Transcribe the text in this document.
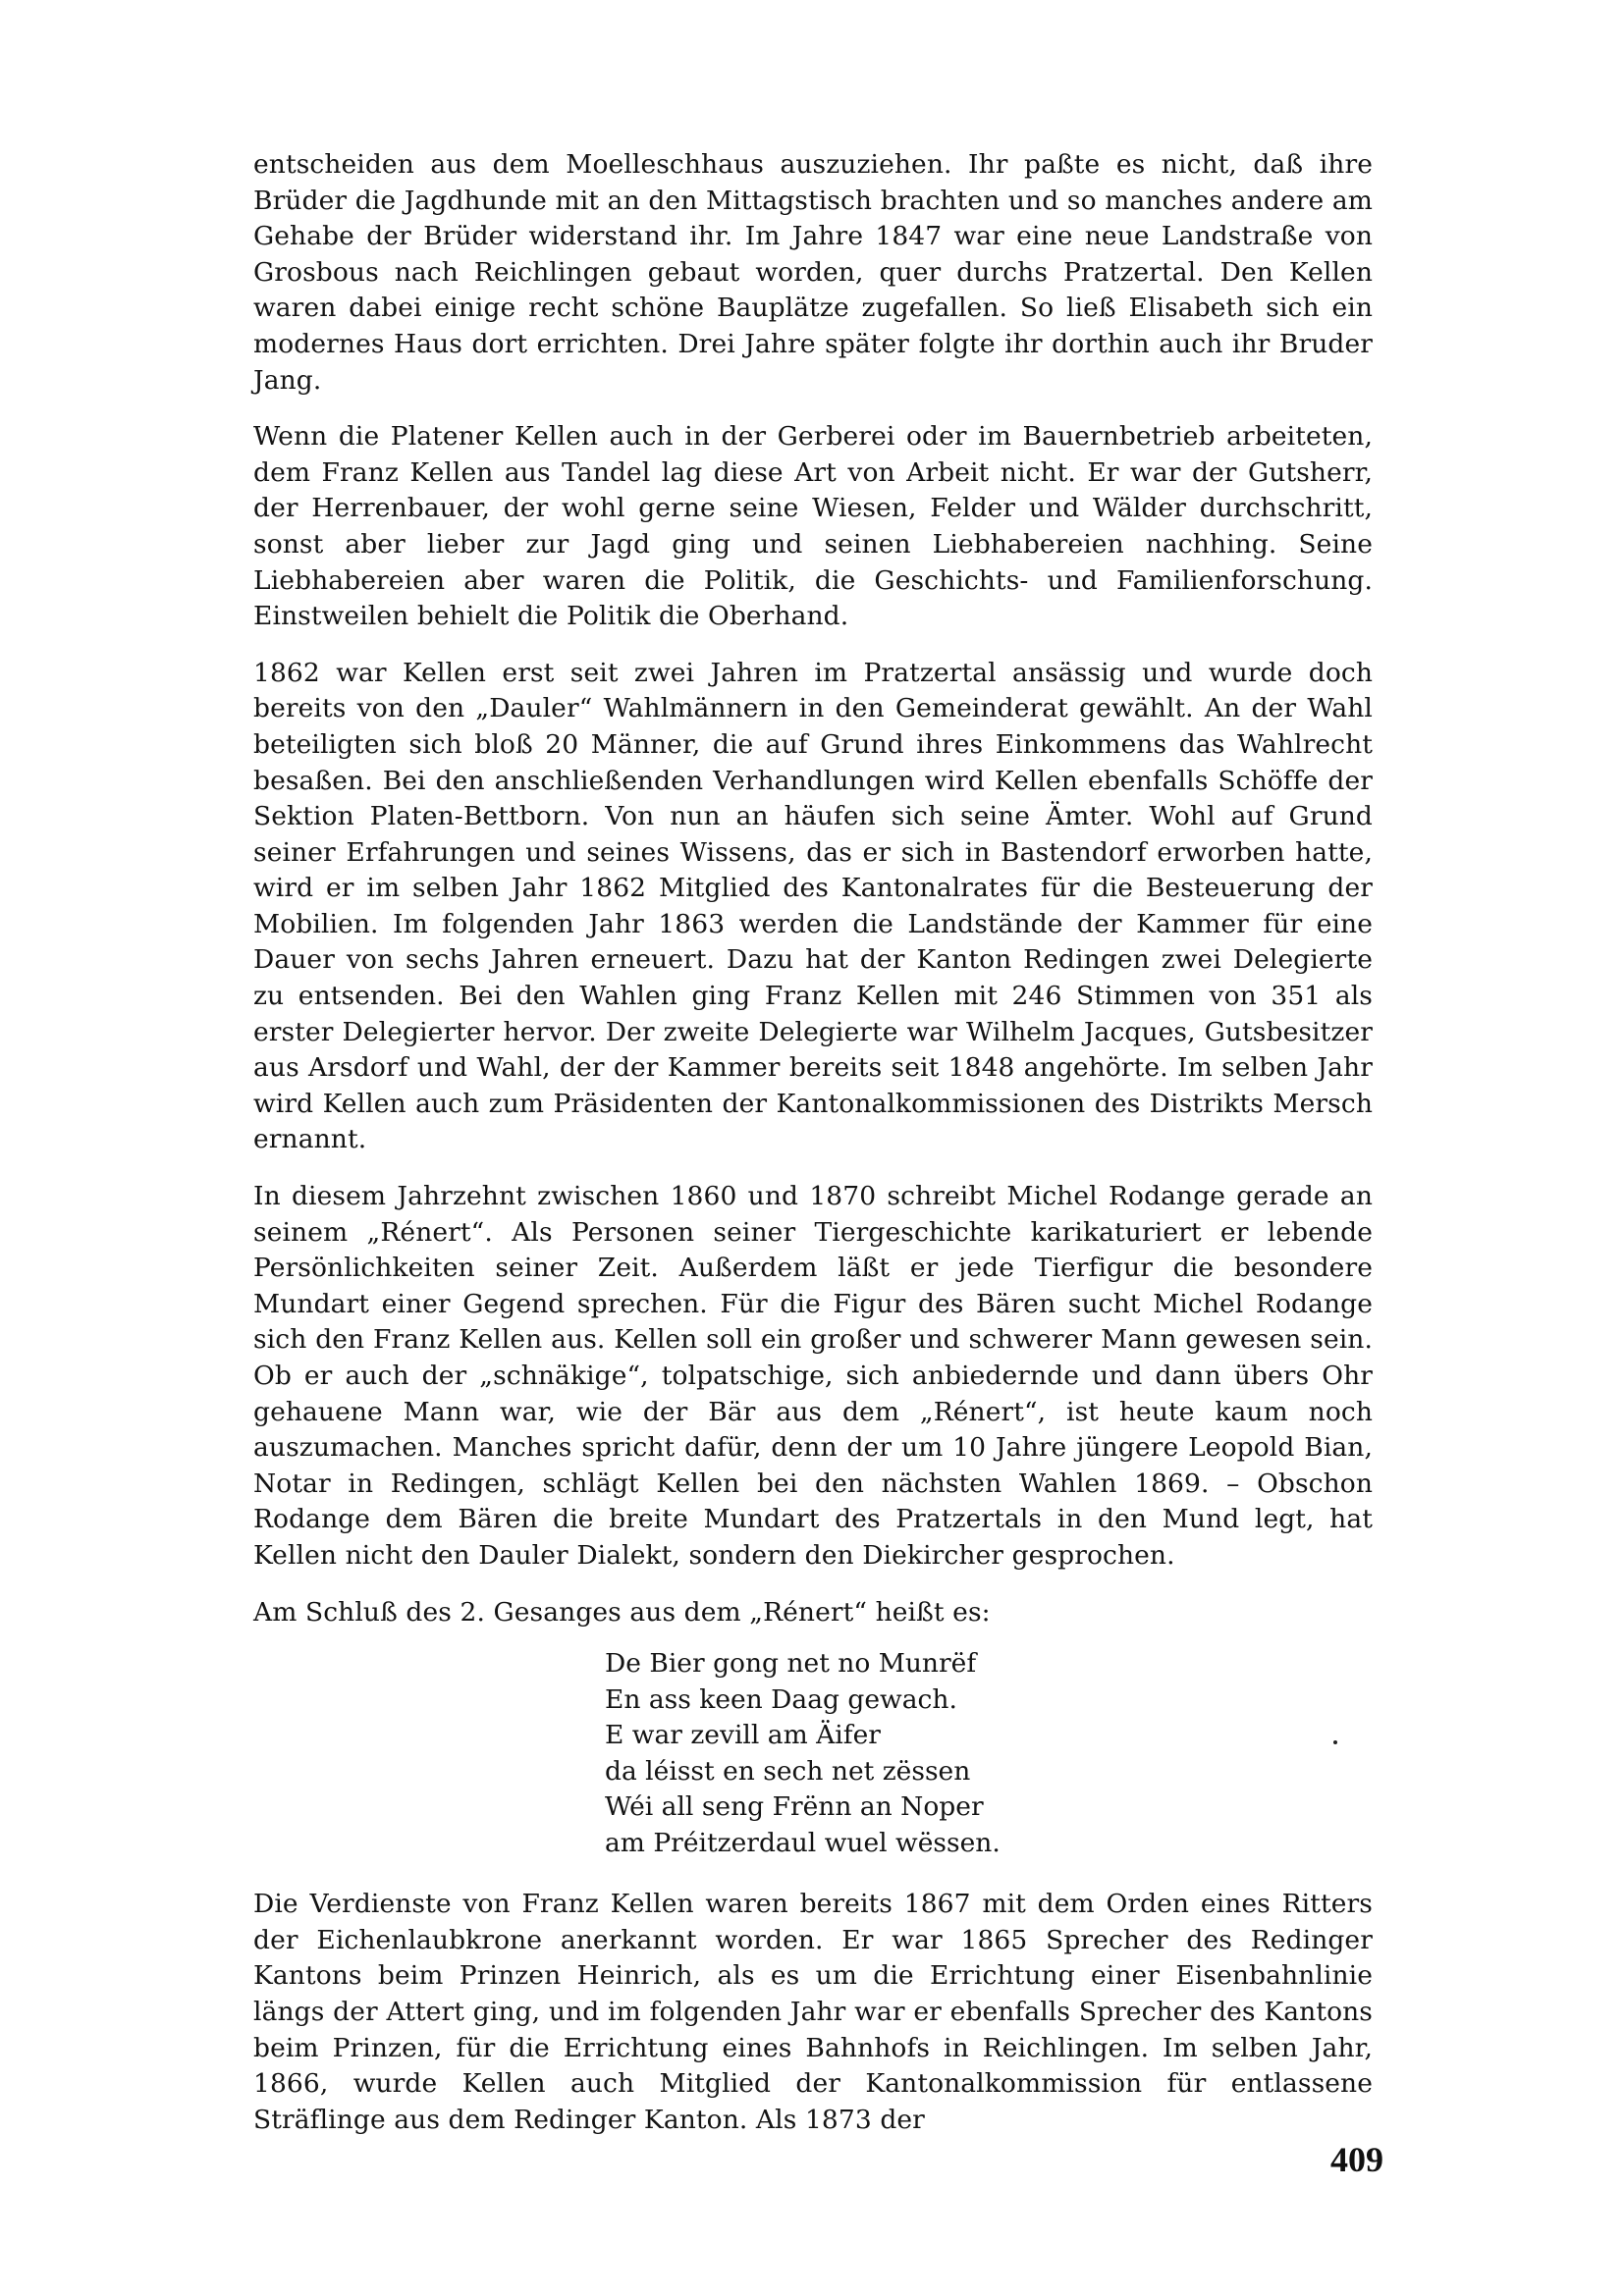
entscheiden aus dem Moelleschhaus auszuziehen. Ihr paßte es nicht, daß ihre Brüder die Jagdhunde mit an den Mittagstisch brachten und so manches andere am Gehabe der Brüder widerstand ihr. Im Jahre 1847 war eine neue Landstraße von Grosbous nach Reichlingen gebaut worden, quer durchs Pratzertal. Den Kellen waren dabei einige recht schöne Bauplätze zugefallen. So ließ Elisabeth sich ein modernes Haus dort errichten. Drei Jahre später folgte ihr dorthin auch ihr Bruder Jang.

Wenn die Platener Kellen auch in der Gerberei oder im Bauernbetrieb arbeiteten, dem Franz Kellen aus Tandel lag diese Art von Arbeit nicht. Er war der Gutsherr, der Herrenbauer, der wohl gerne seine Wiesen, Felder und Wälder durchschritt, sonst aber lieber zur Jagd ging und seinen Liebhabereien nachhing. Seine Liebhabereien aber waren die Politik, die Geschichts- und Familienforschung. Einstweilen behielt die Politik die Oberhand.

1862 war Kellen erst seit zwei Jahren im Pratzertal ansässig und wurde doch bereits von den „Dauler“ Wahlmännern in den Gemeinderat gewählt. An der Wahl beteiligten sich bloß 20 Männer, die auf Grund ihres Einkommens das Wahlrecht besaßen. Bei den anschließenden Verhandlungen wird Kellen ebenfalls Schöffe der Sektion Platen-Bettborn. Von nun an häufen sich seine Ämter. Wohl auf Grund seiner Erfahrungen und seines Wissens, das er sich in Bastendorf erworben hatte, wird er im selben Jahr 1862 Mitglied des Kantonalrates für die Besteuerung der Mobilien. Im folgenden Jahr 1863 werden die Landstände der Kammer für eine Dauer von sechs Jahren erneuert. Dazu hat der Kanton Redingen zwei Delegierte zu entsenden. Bei den Wahlen ging Franz Kellen mit 246 Stimmen von 351 als erster Delegierter hervor. Der zweite Delegierte war Wilhelm Jacques, Gutsbesitzer aus Arsdorf und Wahl, der der Kammer bereits seit 1848 angehörte. Im selben Jahr wird Kellen auch zum Präsidenten der Kantonalkommissionen des Distrikts Mersch ernannt.

In diesem Jahrzehnt zwischen 1860 und 1870 schreibt Michel Rodange gerade an seinem „Rénert“. Als Personen seiner Tiergeschichte karikaturiert er lebende Persönlichkeiten seiner Zeit. Außerdem läßt er jede Tierfigur die besondere Mundart einer Gegend sprechen. Für die Figur des Bären sucht Michel Rodange sich den Franz Kellen aus. Kellen soll ein großer und schwerer Mann gewesen sein. Ob er auch der „schnäkige“, tolpatschige, sich anbiedernde und dann übers Ohr gehauene Mann war, wie der Bär aus dem „Rénert“, ist heute kaum noch auszumachen. Manches spricht dafür, denn der um 10 Jahre jüngere Leopold Bian, Notar in Redingen, schlägt Kellen bei den nächsten Wahlen 1869. – Obschon Rodange dem Bären die breite Mundart des Pratzertals in den Mund legt, hat Kellen nicht den Dauler Dialekt, sondern den Diekircher gesprochen.

Am Schluß des 2. Gesanges aus dem „Rénert“ heißt es:

De Bier gong net no Munrëf
En ass keen Daag gewach.
E war zevill am Äifer
da léisst en sech net zëssen
Wéi all seng Frënn an Noper
am Préitzerdaul wuel wëssen.

Die Verdienste von Franz Kellen waren bereits 1867 mit dem Orden eines Ritters der Eichenlaubkrone anerkannt worden. Er war 1865 Sprecher des Redinger Kantons beim Prinzen Heinrich, als es um die Errichtung einer Eisenbahnlinie längs der Attert ging, und im folgenden Jahr war er ebenfalls Sprecher des Kantons beim Prinzen, für die Errichtung eines Bahnhofs in Reichlingen. Im selben Jahr, 1866, wurde Kellen auch Mitglied der Kantonalkommission für entlassene Sträflinge aus dem Redinger Kanton. Als 1873 der

409
